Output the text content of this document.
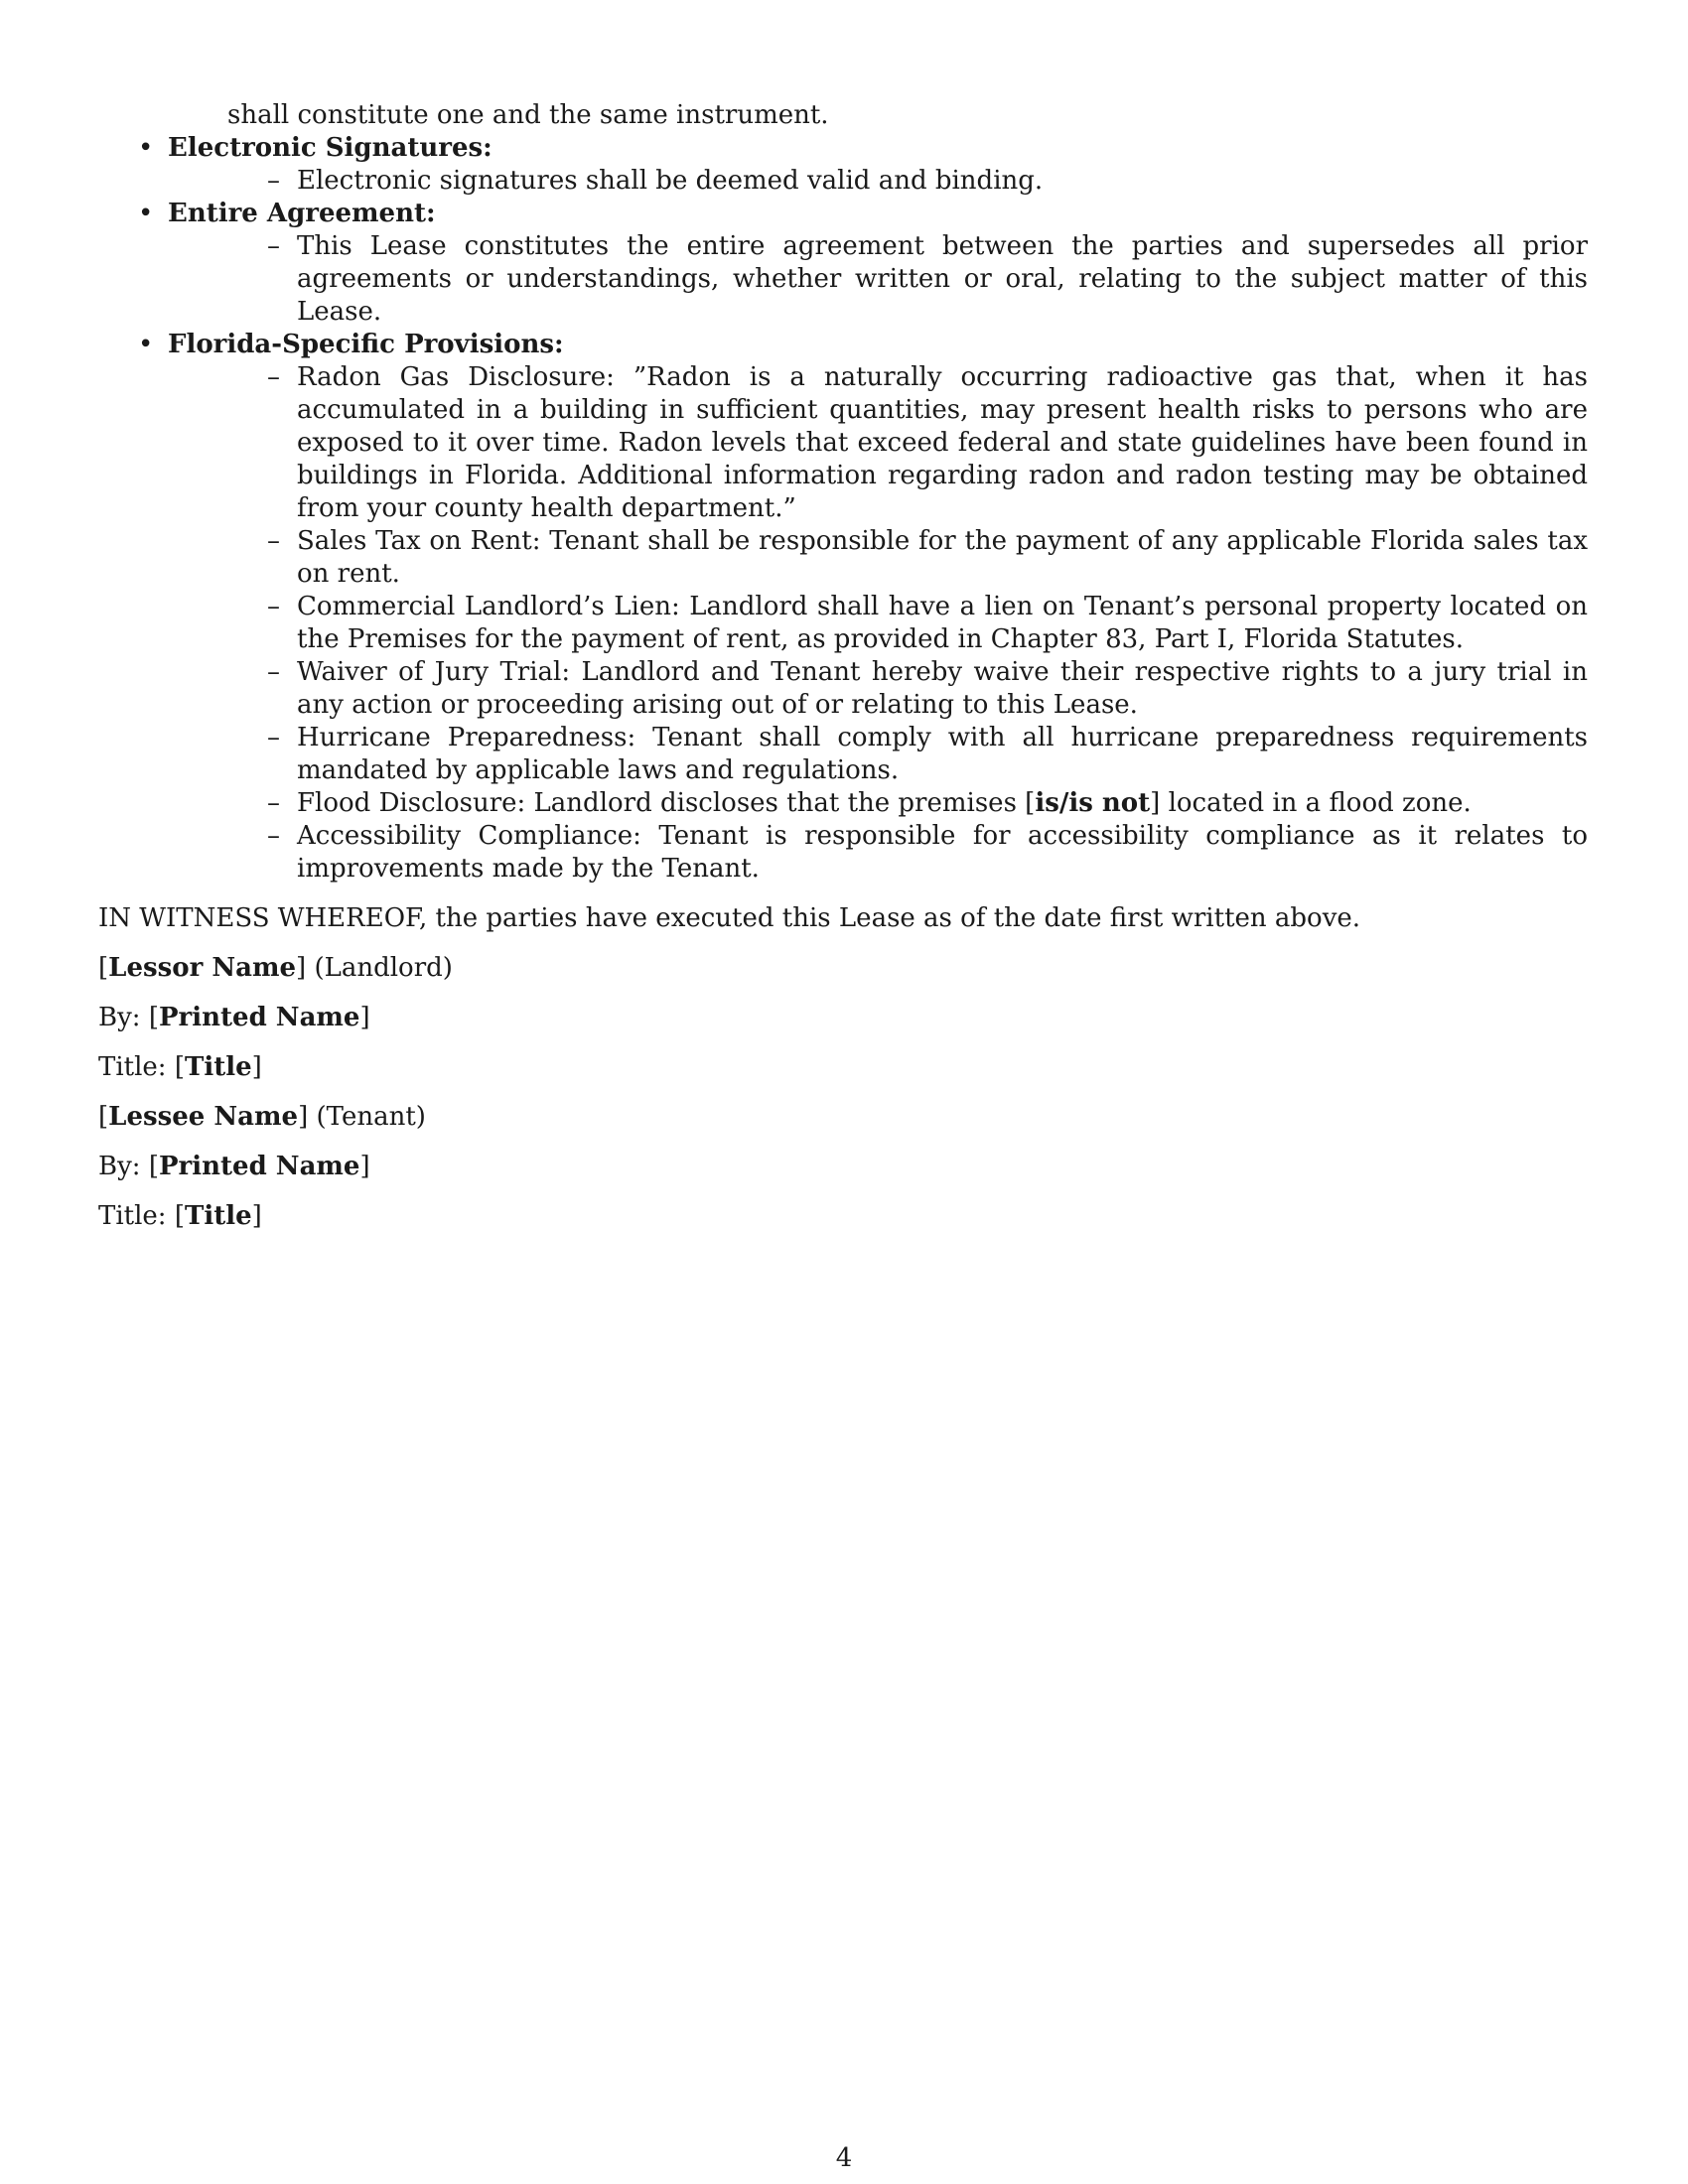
shall constitute one and the same instrument.
• Electronic Signatures:
– Electronic signatures shall be deemed valid and binding.
• Entire Agreement:
– This Lease constitutes the entire agreement between the parties and supersedes all prior agreements or understandings, whether written or oral, relating to the subject matter of this Lease.
• Florida-Specific Provisions:
– Radon Gas Disclosure: ”Radon is a naturally occurring radioactive gas that, when it has accumulated in a building in sufficient quantities, may present health risks to persons who are exposed to it over time. Radon levels that exceed federal and state guidelines have been found in buildings in Florida. Additional information regarding radon and radon testing may be obtained from your county health department.”
– Sales Tax on Rent: Tenant shall be responsible for the payment of any applicable Florida sales tax on rent.
– Commercial Landlord’s Lien: Landlord shall have a lien on Tenant’s personal property located on the Premises for the payment of rent, as provided in Chapter 83, Part I, Florida Statutes.
– Waiver of Jury Trial: Landlord and Tenant hereby waive their respective rights to a jury trial in any action or proceeding arising out of or relating to this Lease.
– Hurricane Preparedness: Tenant shall comply with all hurricane preparedness requirements mandated by applicable laws and regulations.
– Flood Disclosure: Landlord discloses that the premises [is/is not] located in a flood zone.
– Accessibility Compliance: Tenant is responsible for accessibility compliance as it relates to improvements made by the Tenant.

IN WITNESS WHEREOF, the parties have executed this Lease as of the date first written above.

[Lessor Name] (Landlord)

By: [Printed Name]

Title: [Title]

[Lessee Name] (Tenant)

By: [Printed Name]

Title: [Title]

4
